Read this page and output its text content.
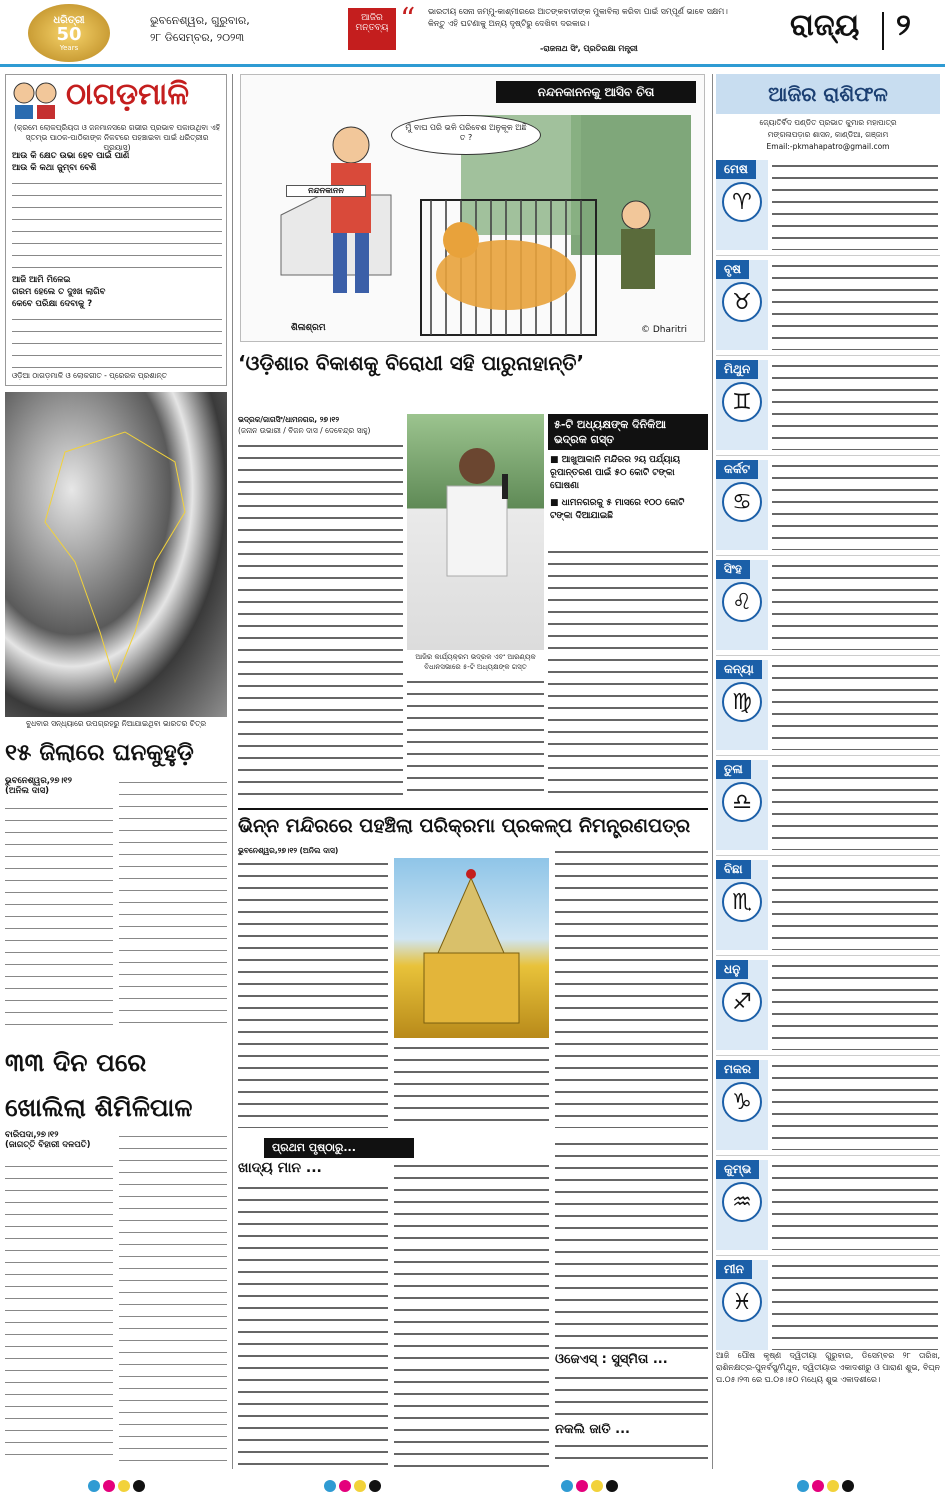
ଧରିତ୍ରୀ
50
Years
ଭୁବନେଶ୍ୱର, ଗୁରୁବାର,
୨୮ ଡିସେମ୍ବର, ୨୦୨୩
ଆଜିର
ମନ୍ତବ୍ୟ “ ଭାରତୀୟ ସେନା ଜମ୍ମୁ-କାଶ୍ମୀରରେ ଆତଙ୍କବାଦୀଙ୍କ ମୁକାବିଲା କରିବା ପାଇଁ ସମ୍ପୂର୍ଣ ଭାବେ ସକ୍ଷମ। କିନ୍ତୁ ଏହି ଘଟଣାକୁ ଅନ୍ୟ ଦୃଷ୍ଟିରୁ ଦେଖିବା ଦରକାର।
-ରାଜନାଥ ସିଂ, ପ୍ରତିରକ୍ଷା ମନ୍ତ୍ରୀ
ରାଜ୍ୟ ୨
ଠାଗଡ଼ମାଳି
(କ୍ରମେ ଲୋକପ୍ରିୟତା ଓ ଜନମାନସରେ ଗଭୀର ପ୍ରଭାବ ପକାଉଥିବା ଏହି ସ୍ତମ୍ଭ ପାଠକ-ପାଠିକାଙ୍କ ନିକଟରେ ପହଞ୍ଚାଇବା ପାଇଁ ଧରିତ୍ରୀର ପ୍ରୟାସ)
ଆଉ କି କ୍ଷେତ ଉଭା ହେବ ପାଇଁ ପାଣି
ଆଉ କି କଥା ଜୁମ୍ବା ବେଶି
ଆଜି ଆମି ମିଳେଇ
ଗରମ ହେଲେ ତ ଦୁଃଖ ଲାଗିବ
କେବେ ପରିକ୍ଷା ଦେବାକୁ ?
ଓଡ଼ିଆ ଠାଗଡ଼ମାଳି ଓ ଲୋକଗୀତ - ପ୍ରେରକ ପ୍ରଶାନ୍ତ
ବୁଧବାର ସନ୍ଧ୍ୟାରେ ଉପଗ୍ରହରୁ ନିଆଯାଇଥିବା ଭାରତର ଚିତ୍ର
୧୫ ଜିଲାରେ ଘନକୁହୁଡ଼ି
ଭୁବନେଶ୍ୱର,୨୭।୧୨
(ଅନିଲ ଦାସ)
୩୩ ଦିନ ପରେ ଖୋଲିଲା ଶିମିଳିପାଳ
ବାରିପଦା,୨୭।୧୨
(ଜାଗତ୍ତି ବିହାରୀ ଦଳପତି)
ନନ୍ଦନକାନନକୁ ଆସିବ ଚିତା
ମୁଁ ବାଘ ପରି ଭଳି ପରିବେଶ ଅନୁକୂଳ ଅଛି ତ ?
ନନ୍ଦନକାନନ
ଶିଳାଶ୍ରମ	© Dharitri
‘ଓଡ଼ିଶାର ବିକାଶକୁ ବିରୋଧୀ ସହି ପାରୁନାହାନ୍ତି’
ଭଦ୍ରକ/ଜାଗସିଂ/ଧାମନଗର, ୨୭।୧୨
(ଜନାନ ଉଭାରୀ / ବିଜନ ଦାସ / ଦେବେନ୍ଦ୍ର ସାହୁ)
ଆଜିର କାର୍ଯ୍ୟକ୍ରମ ଭଦ୍ରକ ଏବଂ ଆରଣ୍ୟକ ବିଧାନସଭାରେ ୫-ଟି ଅଧ୍ୟକ୍ଷଙ୍କ ଗସ୍ତ
୫-ଟି ଅଧ୍ୟକ୍ଷଙ୍କ ଦିନିକିଆ ଭଦ୍ରକ ଗସ୍ତ
■ ଆଖୁଆକାନି ମନ୍ଦିରର ୨ୟ ପର୍ଯ୍ୟାୟ ରୂପାନ୍ତରଣ ପାଇଁ ୫୦ କୋଟି ଟଙ୍କା ଘୋଷଣା
■ ଧାମନଗରକୁ ୫ ମାସରେ ୧୦୦ କୋଟି ଟଙ୍କା ଦିଆଯାଇଛି
ଭିନ୍ନ ମନ୍ଦିରରେ ପହଞ୍ଚିଲା ପରିକ୍ରମା ପ୍ରକଳ୍ପ ନିମନ୍ତ୍ରଣପତ୍ର
ଭୁବନେଶ୍ୱର,୨୭।୧୨ (ଅନିଲ ଦାସ)
ପ୍ରଥମ ପୃଷ୍ଠାରୁ...
ଖାଦ୍ୟ ମାନ ...
ଓଜେଏସ୍ : ସୁସ୍ମିତା ...
ନକଲି ଜାତି ...
ଆଜିର ରାଶିଫଳ
ଜ୍ୟୋତିର୍ବିଦ ପଣ୍ଡିତ ପ୍ରଭାତ କୁମାର ମହାପାତ୍ର
ମଙ୍ଗଳାପଡ଼ାର ଶାସନ, କାଣ୍ଡିଆ, ଗଞ୍ଜାମ
Email:-pkmahapatro@gmail.com
ମେଷ
♈
ବୃଷ
♉
ମିଥୁନ
♊
କର୍କଟ
♋
ସିଂହ
♌
କନ୍ୟା
♍
ତୁଳା
♎
ବିଛା
♏
ଧନୁ
♐
ମକର
♑
କୁମ୍ଭ
♒
ମୀନ
♓
ଆଜି ପୌଷ କୃଷ୍ଣ ଦ୍ୱିତୀୟା ଗୁରୁବାର, ଡିସେମ୍ବର ୨୮ ତାରିଖ, ରାଶିନକ୍ଷତ୍ର-ପୁନର୍ବସୁ/ମିଥୁନ, ଦ୍ୱିତୀୟାର ଏକାଦଶୀରୁ ଓ ପାରାଣ ଶୁଭ, ବିଘ୍ନ ଘ.୦୫।୨୩ ରେ ଘ.୦୫।୫୦ ମଧ୍ୟେ ଶୁଭ ଏକାଦଶୀରେ।
